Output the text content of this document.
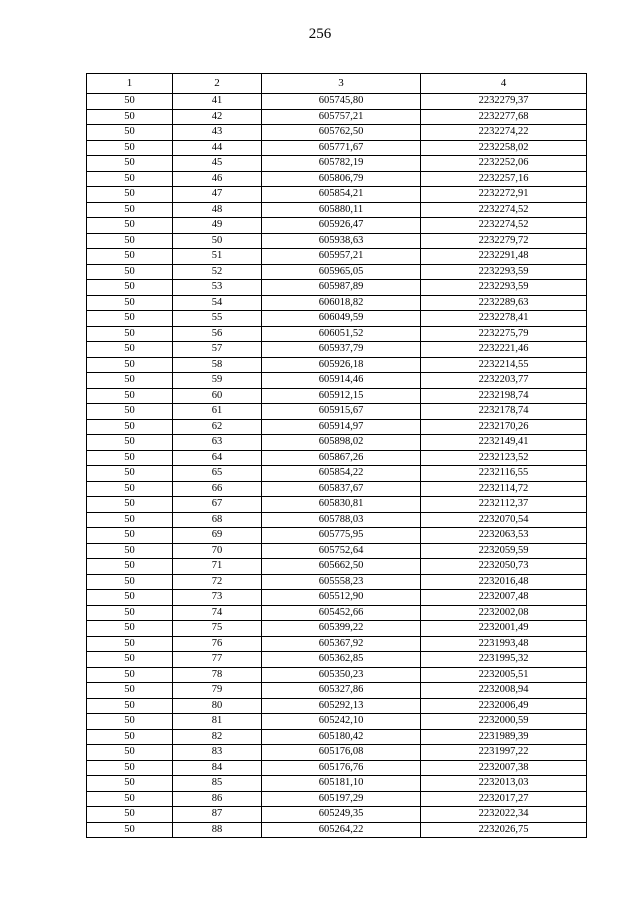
256
1	2	3	4
50	41	605745,80	2232279,37
50	42	605757,21	2232277,68
50	43	605762,50	2232274,22
50	44	605771,67	2232258,02
50	45	605782,19	2232252,06
50	46	605806,79	2232257,16
50	47	605854,21	2232272,91
50	48	605880,11	2232274,52
50	49	605926,47	2232274,52
50	50	605938,63	2232279,72
50	51	605957,21	2232291,48
50	52	605965,05	2232293,59
50	53	605987,89	2232293,59
50	54	606018,82	2232289,63
50	55	606049,59	2232278,41
50	56	606051,52	2232275,79
50	57	605937,79	2232221,46
50	58	605926,18	2232214,55
50	59	605914,46	2232203,77
50	60	605912,15	2232198,74
50	61	605915,67	2232178,74
50	62	605914,97	2232170,26
50	63	605898,02	2232149,41
50	64	605867,26	2232123,52
50	65	605854,22	2232116,55
50	66	605837,67	2232114,72
50	67	605830,81	2232112,37
50	68	605788,03	2232070,54
50	69	605775,95	2232063,53
50	70	605752,64	2232059,59
50	71	605662,50	2232050,73
50	72	605558,23	2232016,48
50	73	605512,90	2232007,48
50	74	605452,66	2232002,08
50	75	605399,22	2232001,49
50	76	605367,92	2231993,48
50	77	605362,85	2231995,32
50	78	605350,23	2232005,51
50	79	605327,86	2232008,94
50	80	605292,13	2232006,49
50	81	605242,10	2232000,59
50	82	605180,42	2231989,39
50	83	605176,08	2231997,22
50	84	605176,76	2232007,38
50	85	605181,10	2232013,03
50	86	605197,29	2232017,27
50	87	605249,35	2232022,34
50	88	605264,22	2232026,75
